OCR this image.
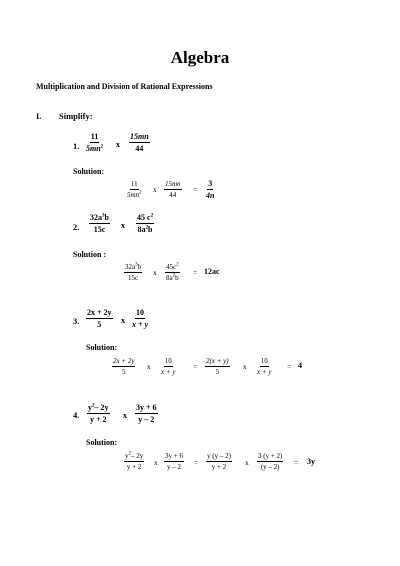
Algebra
Multiplication and Division of Rational Expressions
I. Simplify:
1. $\frac{11}{5mn^2}$ x $\frac{15mn}{44}$
Solution:
$\frac{11}{5mn^2}$ x $\frac{15mn}{44} = \frac{3}{4n}$
2. $\frac{32a^3b}{15c}$ x $\frac{45 c^2}{8a^2b}$
Solution :
$\frac{32a^3b}{15c}$ x $\frac{45c^2}{8a^2b} = 12ac$
3. $\frac{2x + 2y}{5}$ x $\frac{10}{x + y}$
Solution:
$\frac{2x + 2y}{5}$ x $\frac{10}{x + y} = \frac{2(x + y)}{5}$ x $\frac{10}{x + y} = 4$
4. $\frac{y^2- 2y}{y + 2}$ x $\frac{3y + 6}{y - 2}$
Solution:
$\frac{y^2- 2y}{y + 2}$ x $\frac{3y + 6}{y - 2} = \frac{y (y - 2)}{y + 2}$ x $\frac{3 (y + 2)}{(y - 2)} = 3y$
